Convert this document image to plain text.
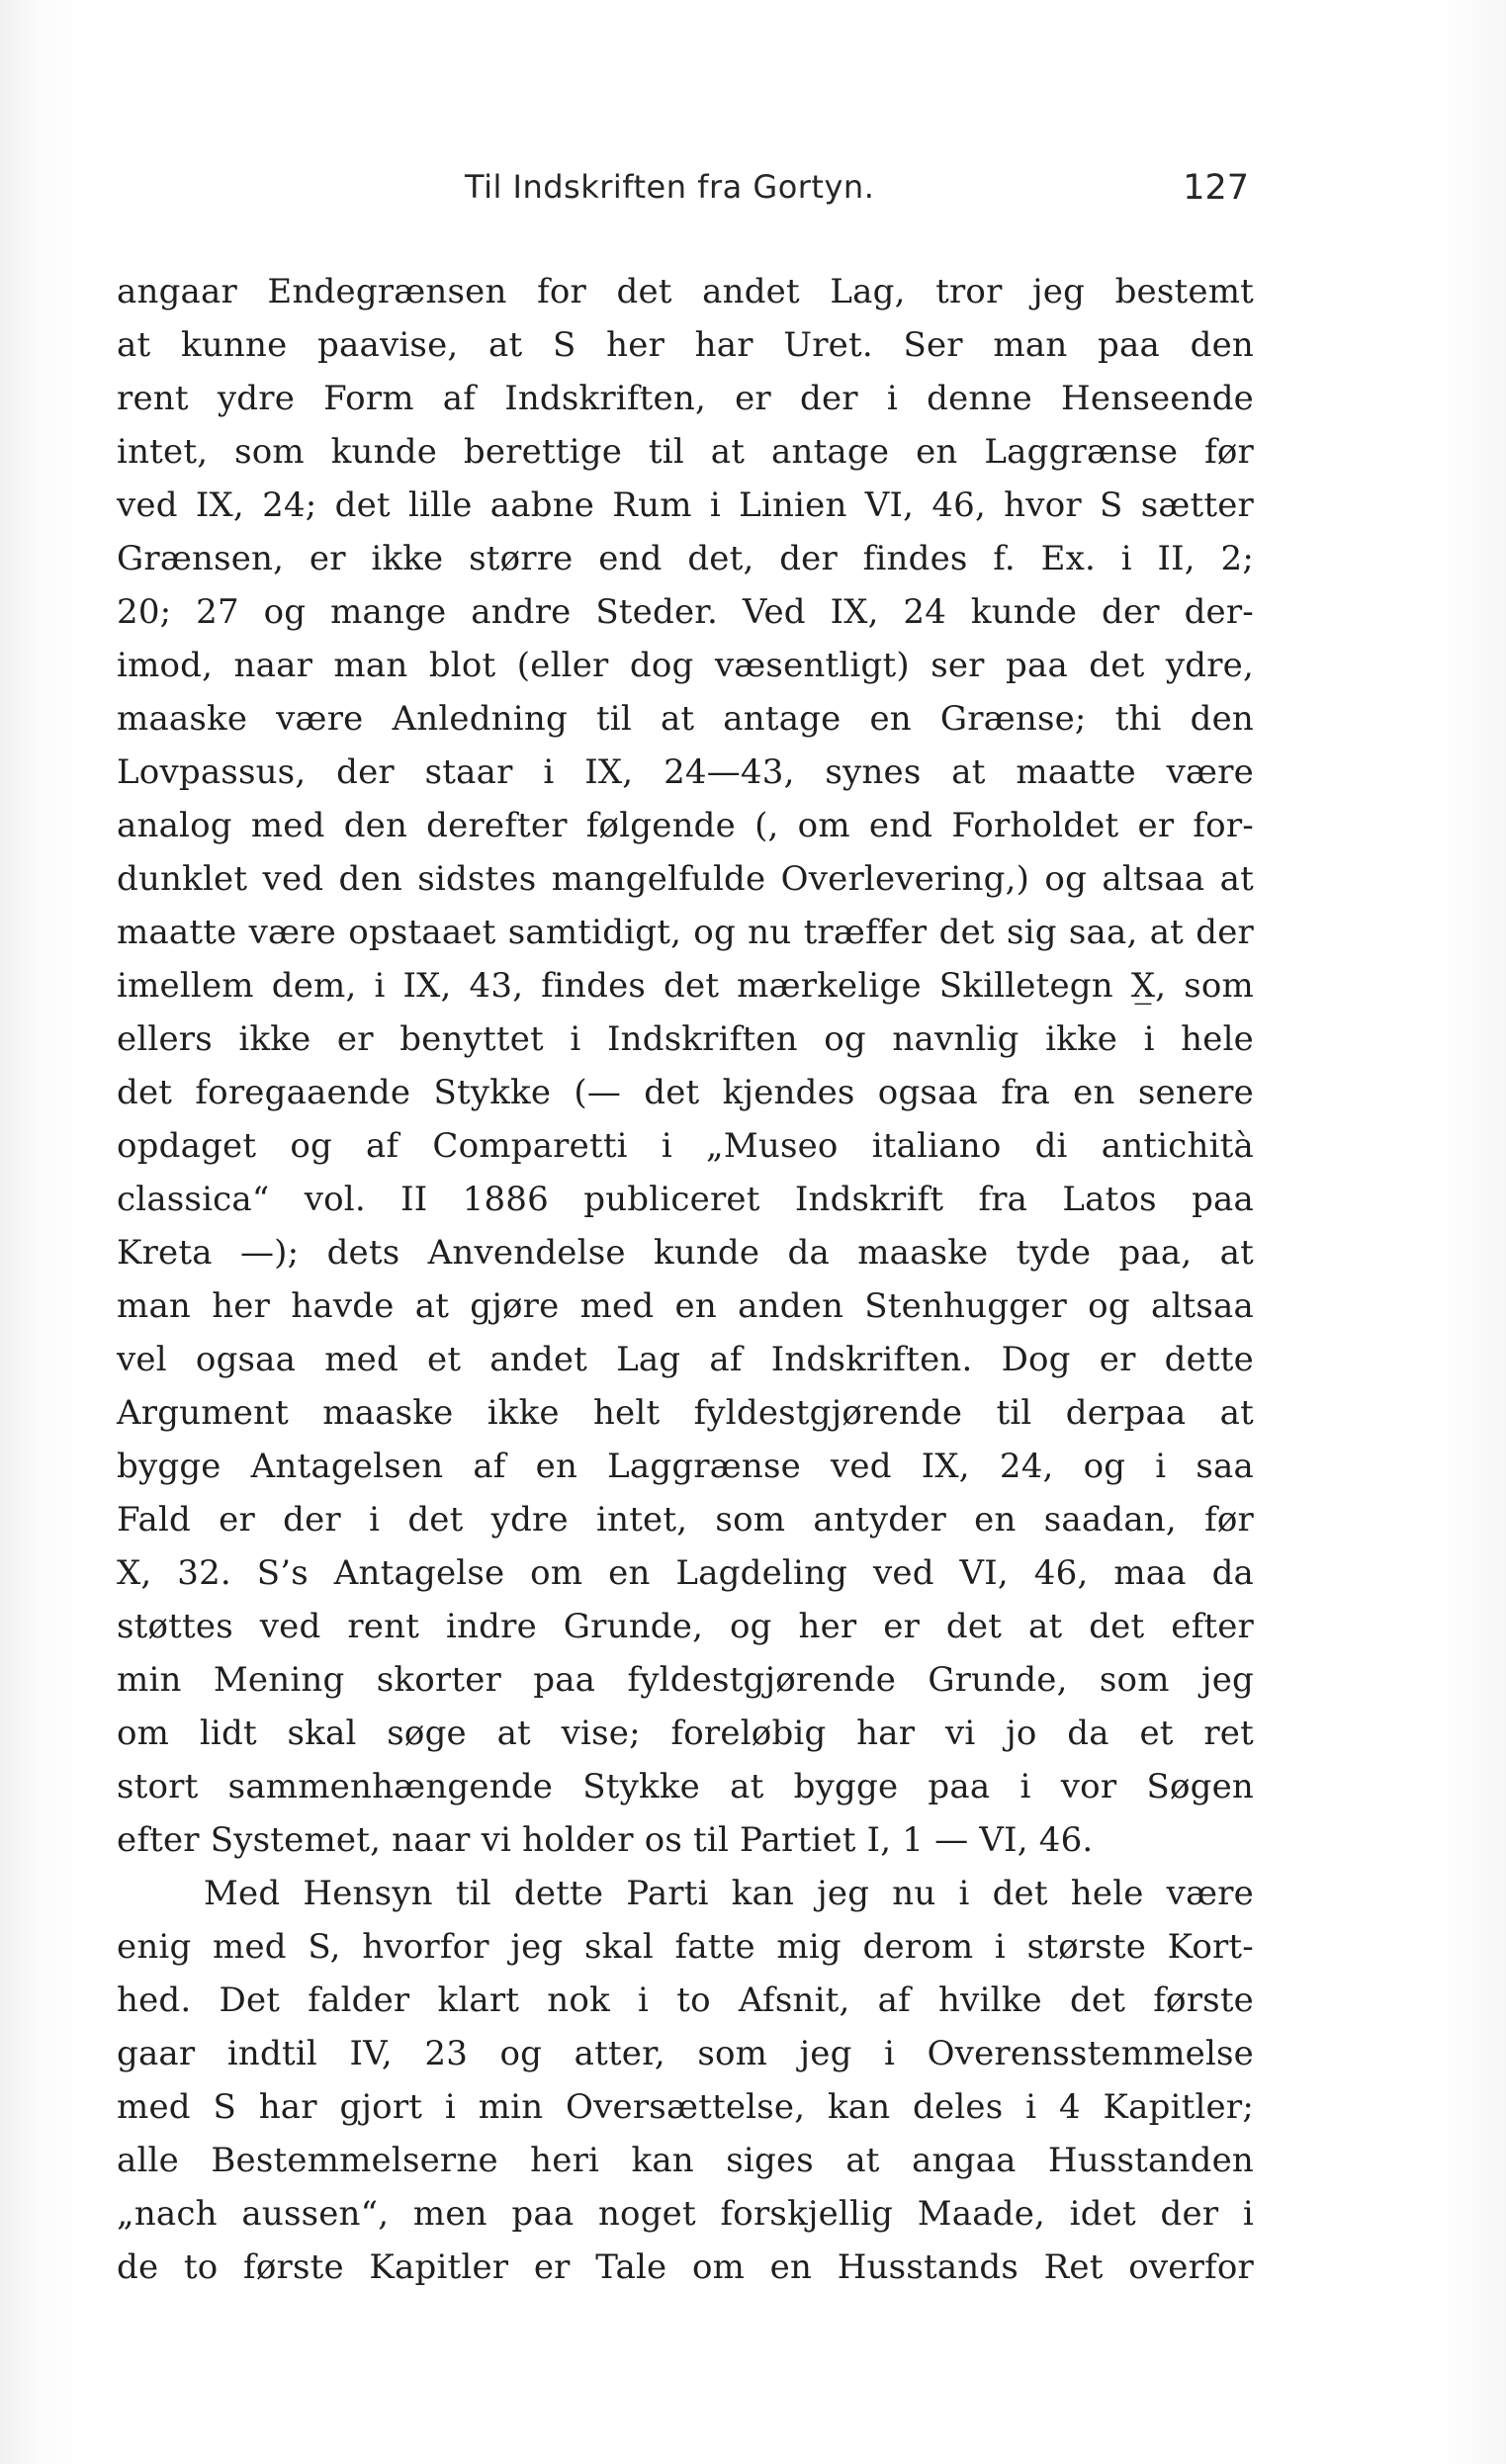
Til Indskriften fra Gortyn.	127
angaar Endegrænsen for det andet Lag, tror jeg bestemt
at kunne paavise, at S her har Uret. Ser man paa den
rent ydre Form af Indskriften, er der i denne Henseende
intet, som kunde berettige til at antage en Laggrænse før
ved IX, 24; det lille aabne Rum i Linien VI, 46, hvor S sætter
Grænsen, er ikke større end det, der findes f. Ex. i II, 2;
20; 27 og mange andre Steder. Ved IX, 24 kunde der der-
imod, naar man blot (eller dog væsentligt) ser paa det ydre,
maaske være Anledning til at antage en Grænse; thi den
Lovpassus, der staar i IX, 24—43, synes at maatte være
analog med den derefter følgende (, om end Forholdet er for-
dunklet ved den sidstes mangelfulde Overlevering,) og altsaa at
maatte være opstaaet samtidigt, og nu træffer det sig saa, at der
imellem dem, i IX, 43, findes det mærkelige Skilletegn X̲, som
ellers ikke er benyttet i Indskriften og navnlig ikke i hele
det foregaaende Stykke (— det kjendes ogsaa fra en senere
opdaget og af Comparetti i „Museo italiano di antichità
classica“ vol. II 1886 publiceret Indskrift fra Latos paa
Kreta —); dets Anvendelse kunde da maaske tyde paa, at
man her havde at gjøre med en anden Stenhugger og altsaa
vel ogsaa med et andet Lag af Indskriften. Dog er dette
Argument maaske ikke helt fyldestgjørende til derpaa at
bygge Antagelsen af en Laggrænse ved IX, 24, og i saa
Fald er der i det ydre intet, som antyder en saadan, før
X, 32. S’s Antagelse om en Lagdeling ved VI, 46, maa da
støttes ved rent indre Grunde, og her er det at det efter
min Mening skorter paa fyldestgjørende Grunde, som jeg
om lidt skal søge at vise; foreløbig har vi jo da et ret
stort sammenhængende Stykke at bygge paa i vor Søgen
efter Systemet, naar vi holder os til Partiet I, 1 — VI, 46.
Med Hensyn til dette Parti kan jeg nu i det hele være
enig med S, hvorfor jeg skal fatte mig derom i største Kort-
hed. Det falder klart nok i to Afsnit, af hvilke det første
gaar indtil IV, 23 og atter, som jeg i Overensstemmelse
med S har gjort i min Oversættelse, kan deles i 4 Kapitler;
alle Bestemmelserne heri kan siges at angaa Husstanden
„nach aussen“, men paa noget forskjellig Maade, idet der i
de to første Kapitler er Tale om en Husstands Ret overfor
